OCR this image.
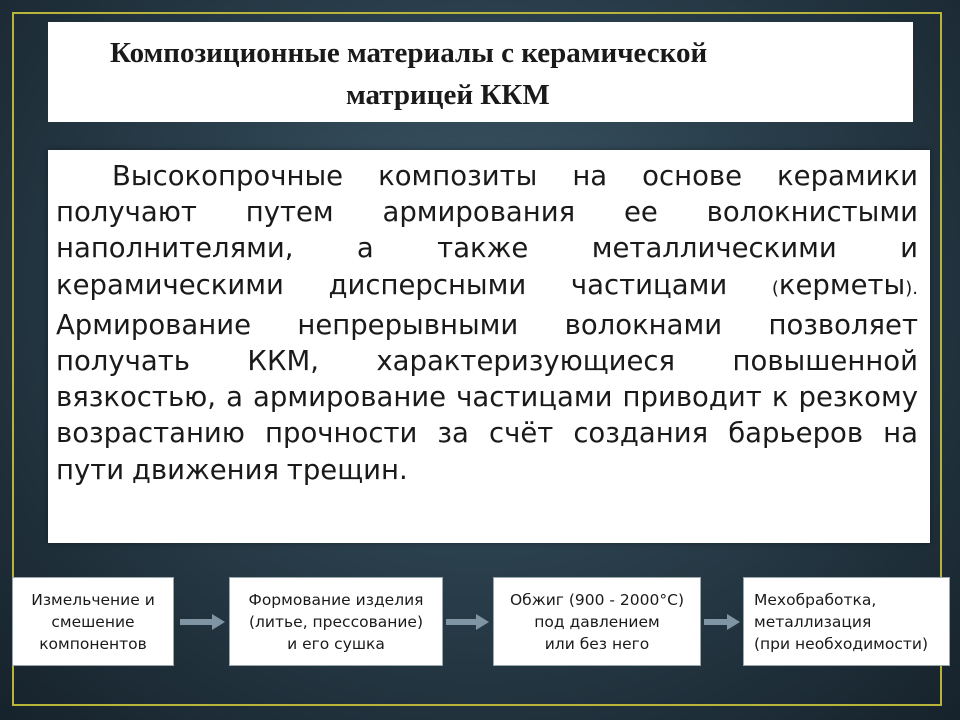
Композиционные материалы с керамической
матрицей ККМ
Высокопрочные композиты на основе керамики получают путем армирования ее волокнистыми наполнителями, а также металлическими и керамическими дисперсными частицами (керметы). Армирование непрерывными волокнами позволяет получать ККМ, характеризующиеся повышенной вязкостью, а армирование частицами приводит к резкому возрастанию прочности за счёт создания барьеров на пути движения трещин.
Измельчение и
смешение
компонентов
Формование изделия
(литье, прессование)
и его сушка
Обжиг (900 - 2000°С)
под давлением
или без него
Мехобработка,
металлизация
(при необходимости)
